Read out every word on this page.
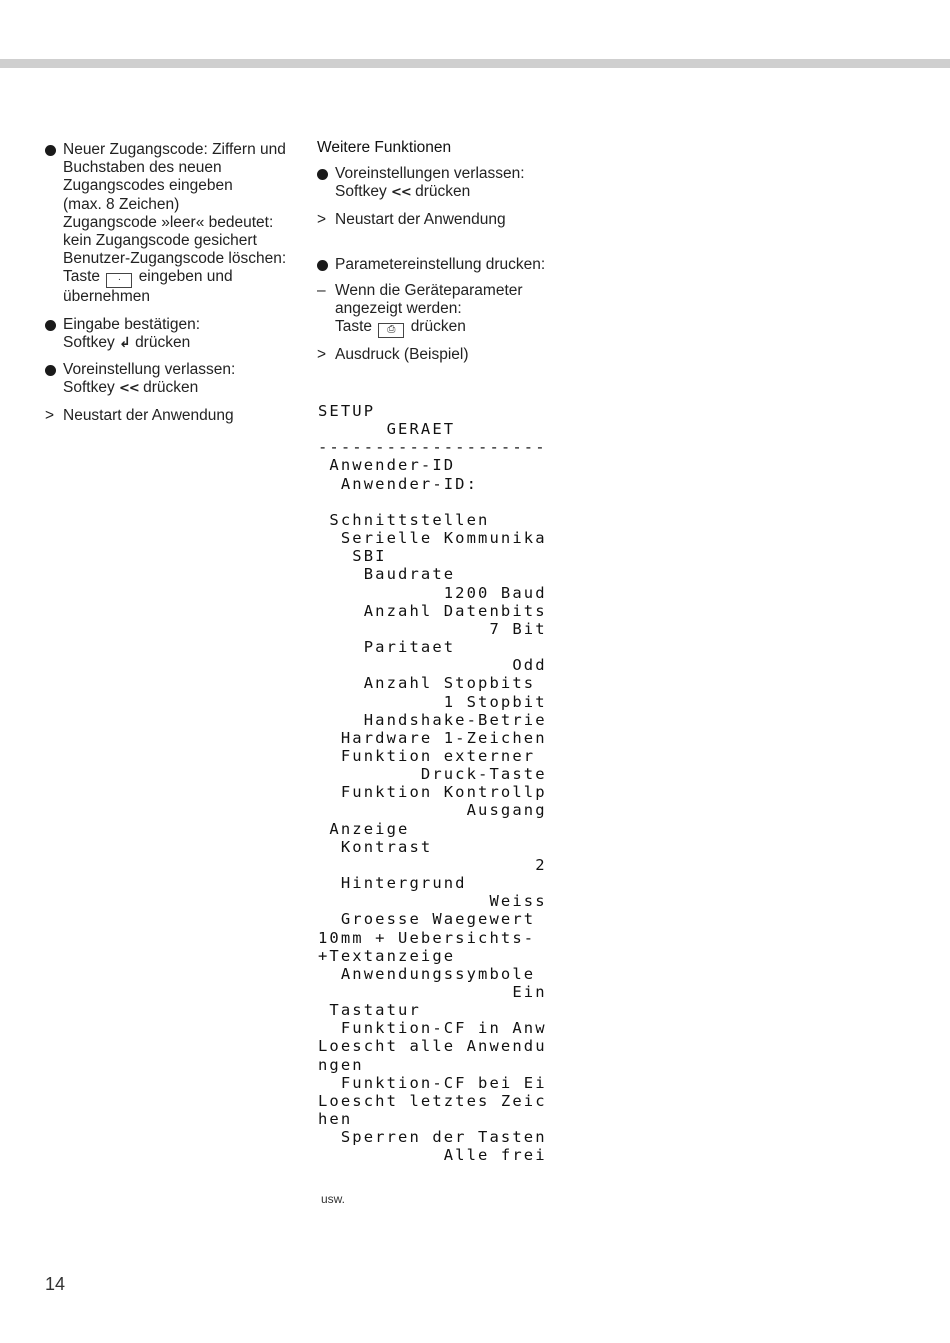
Neuer Zugangscode: Ziffern und
Buchstaben des neuen
Zugangscodes eingeben
(max. 8 Zeichen)
Zugangscode »leer« bedeutet:
kein Zugangscode gesichert
Benutzer-Zugangscode löschen:
Taste · eingeben und
übernehmen
Eingabe bestätigen:
Softkey ↲ drücken
Voreinstellung verlassen:
Softkey << drücken
> Neustart der Anwendung
Weitere Funktionen
Voreinstellungen verlassen:
Softkey << drücken
> Neustart der Anwendung
Parametereinstellung drucken:
– Wenn die Geräteparameter
angezeigt werden:
Taste ⎙ drücken
> Ausdruck (Beispiel)
SETUP
GERAET
--------------------
Anwender-ID
Anwender-ID:
Schnittstellen
Serielle Kommunika
SBI
Baudrate
1200 Baud
Anzahl Datenbits
7 Bit
Paritaet
Odd
Anzahl Stopbits
1 Stopbit
Handshake-Betrie
Hardware 1-Zeichen
Funktion externer
Druck-Taste
Funktion Kontrollp
Ausgang
Anzeige
Kontrast
2
Hintergrund
Weiss
Groesse Waegewert
10mm + Uebersichts-
+Textanzeige
Anwendungssymbole
Ein
Tastatur
Funktion-CF in Anw
Loescht alle Anwendu
ngen
Funktion-CF bei Ei
Loescht letztes Zeic
hen
Sperren der Tasten
Alle frei
usw.
14
